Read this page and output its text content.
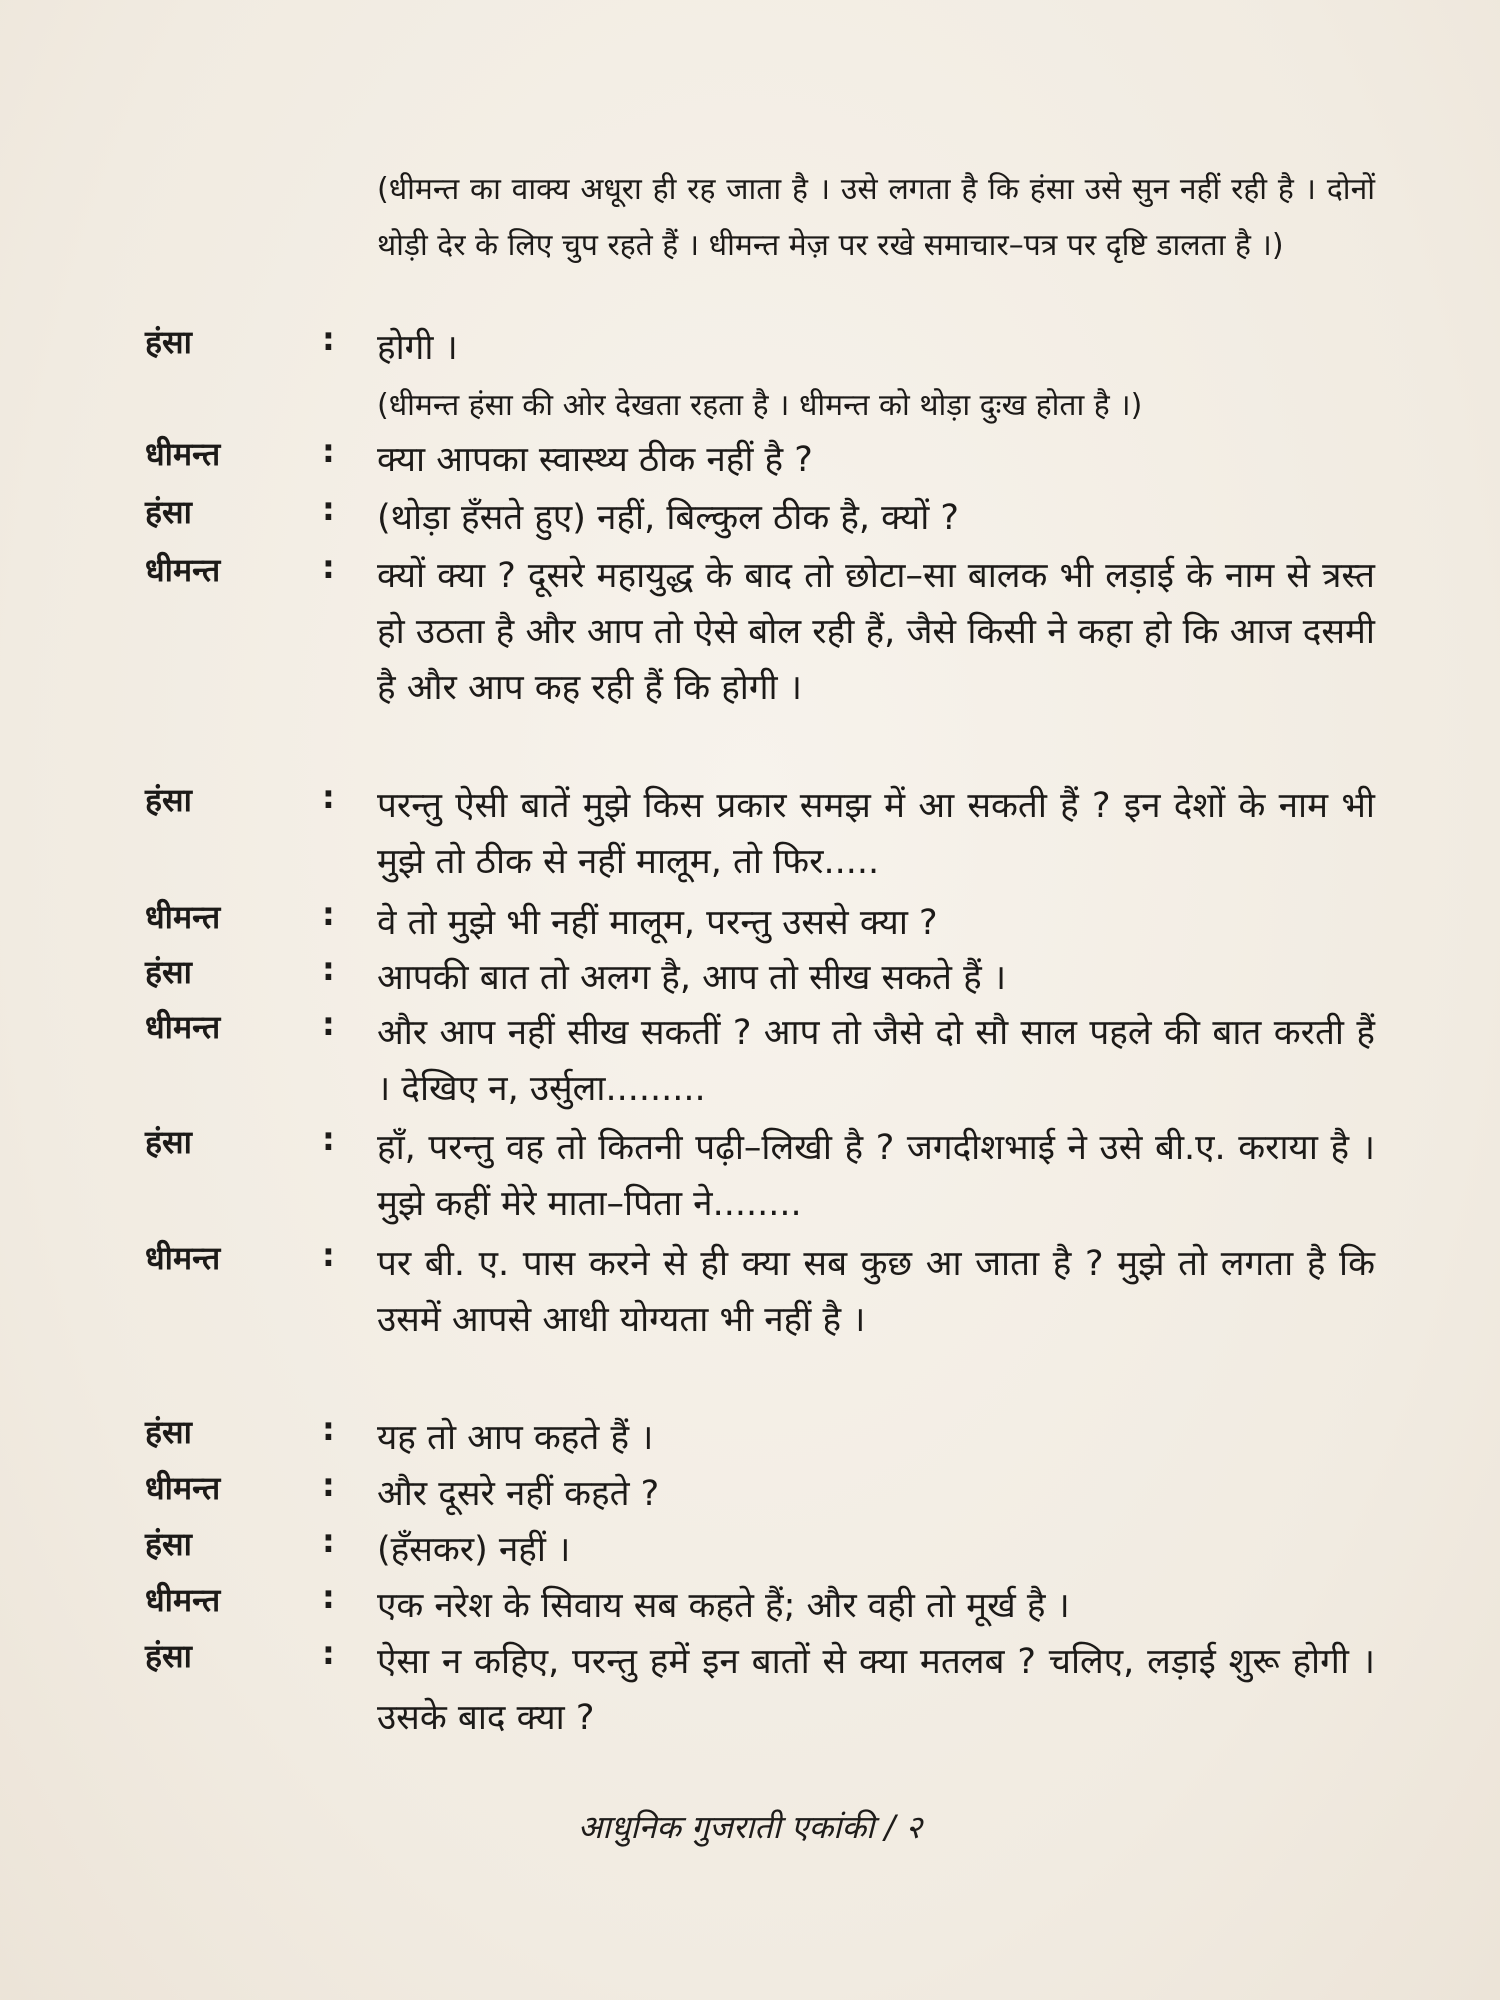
(धीमन्त का वाक्य अधूरा ही रह जाता है । उसे लगता है कि हंसा उसे सुन नहीं रही है । दोनों थोड़ी देर के लिए चुप रहते हैं । धीमन्त मेज़ पर रखे समाचार–पत्र पर दृष्टि डालता है ।)
हंसा	: होगी ।
(धीमन्त हंसा की ओर देखता रहता है । धीमन्त को थोड़ा दुःख होता है ।)
धीमन्त	: क्या आपका स्वास्थ्य ठीक नहीं है ?
हंसा	: (थोड़ा हँसते हुए) नहीं, बिल्कुल ठीक है, क्यों ?
धीमन्त	: क्यों क्या ? दूसरे महायुद्ध के बाद तो छोटा–सा बालक भी लड़ाई के नाम से त्रस्त हो उठता है और आप तो ऐसे बोल रही हैं, जैसे किसी ने कहा हो कि आज दसमी है और आप कह रही हैं कि होगी ।
हंसा	: परन्तु ऐसी बातें मुझे किस प्रकार समझ में आ सकती हैं ? इन देशों के नाम भी मुझे तो ठीक से नहीं मालूम, तो फिर.....
धीमन्त	: वे तो मुझे भी नहीं मालूम, परन्तु उससे क्या ?
हंसा	: आपकी बात तो अलग है, आप तो सीख सकते हैं ।
धीमन्त	: और आप नहीं सीख सकतीं ? आप तो जैसे दो सौ साल पहले की बात करती हैं । देखिए न, उर्सुला.........
हंसा	: हाँ, परन्तु वह तो कितनी पढ़ी–लिखी है ? जगदीशभाई ने उसे बी.ए. कराया है । मुझे कहीं मेरे माता–पिता ने........
धीमन्त	: पर बी. ए. पास करने से ही क्या सब कुछ आ जाता है ? मुझे तो लगता है कि उसमें आपसे आधी योग्यता भी नहीं है ।
हंसा	: यह तो आप कहते हैं ।
धीमन्त	: और दूसरे नहीं कहते ?
हंसा	: (हँसकर) नहीं ।
धीमन्त	: एक नरेश के सिवाय सब कहते हैं; और वही तो मूर्ख है ।
हंसा	: ऐसा न कहिए, परन्तु हमें इन बातों से क्या मतलब ? चलिए, लड़ाई शुरू होगी । उसके बाद क्या ?
आधुनिक गुजराती एकांकी / २
